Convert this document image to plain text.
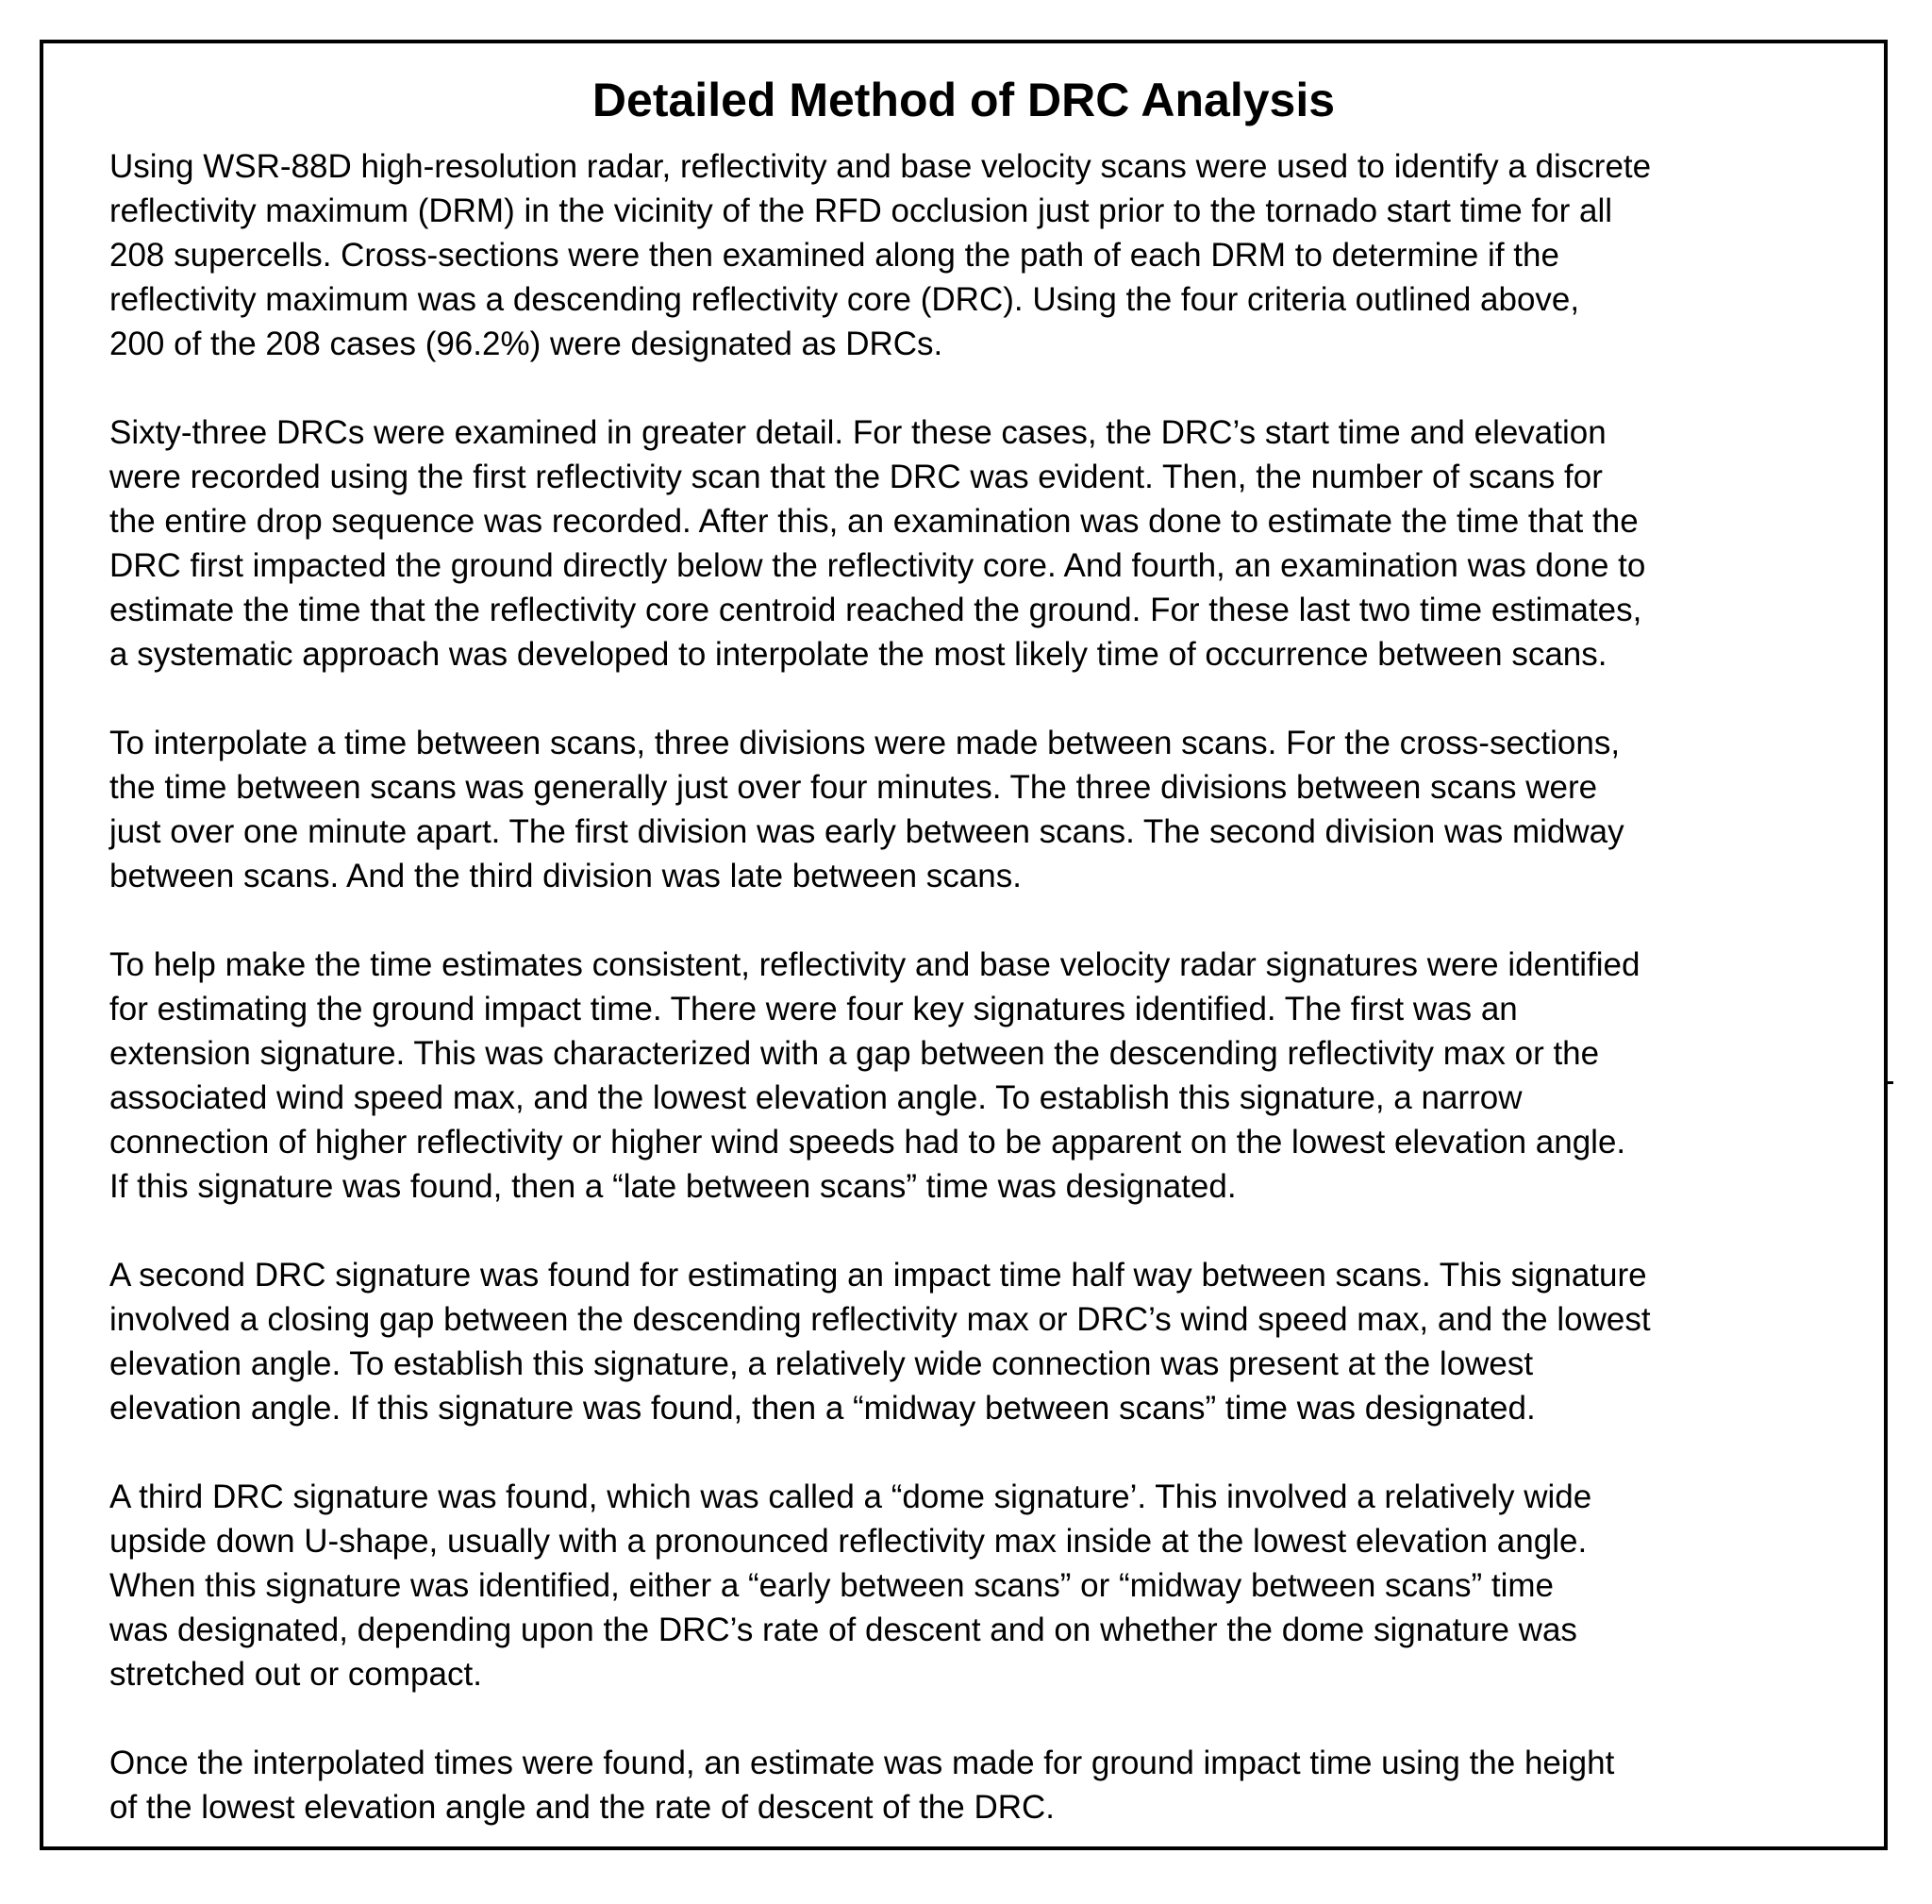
Detailed Method of DRC Analysis

Using WSR-88D high-resolution radar, reflectivity and base velocity scans were used to identify a discrete
reflectivity maximum (DRM) in the vicinity of the RFD occlusion just prior to the tornado start time for all
208 supercells. Cross-sections were then examined along the path of each DRM to determine if the
reflectivity maximum was a descending reflectivity core (DRC). Using the four criteria outlined above,
200 of the 208 cases (96.2%) were designated as DRCs.

Sixty-three DRCs were examined in greater detail. For these cases, the DRC’s start time and elevation
were recorded using the first reflectivity scan that the DRC was evident. Then, the number of scans for
the entire drop sequence was recorded. After this, an examination was done to estimate the time that the
DRC first impacted the ground directly below the reflectivity core. And fourth, an examination was done to
estimate the time that the reflectivity core centroid reached the ground. For these last two time estimates,
a systematic approach was developed to interpolate the most likely time of occurrence between scans.

To interpolate a time between scans, three divisions were made between scans. For the cross-sections,
the time between scans was generally just over four minutes. The three divisions between scans were
just over one minute apart. The first division was early between scans. The second division was midway
between scans. And the third division was late between scans.

To help make the time estimates consistent, reflectivity and base velocity radar signatures were identified
for estimating the ground impact time. There were four key signatures identified. The first was an
extension signature. This was characterized with a gap between the descending reflectivity max or the
associated wind speed max, and the lowest elevation angle. To establish this signature, a narrow
connection of higher reflectivity or higher wind speeds had to be apparent on the lowest elevation angle.
If this signature was found, then a “late between scans” time was designated.

A second DRC signature was found for estimating an impact time half way between scans. This signature
involved a closing gap between the descending reflectivity max or DRC’s wind speed max, and the lowest
elevation angle. To establish this signature, a relatively wide connection was present at the lowest
elevation angle. If this signature was found, then a “midway between scans” time was designated.

A third DRC signature was found, which was called a “dome signature’. This involved a relatively wide
upside down U-shape, usually with a pronounced reflectivity max inside at the lowest elevation angle.
When this signature was identified, either a “early between scans” or “midway between scans” time
was designated, depending upon the DRC’s rate of descent and on whether the dome signature was
stretched out or compact.

Once the interpolated times were found, an estimate was made for ground impact time using the height
of the lowest elevation angle and the rate of descent of the DRC.
